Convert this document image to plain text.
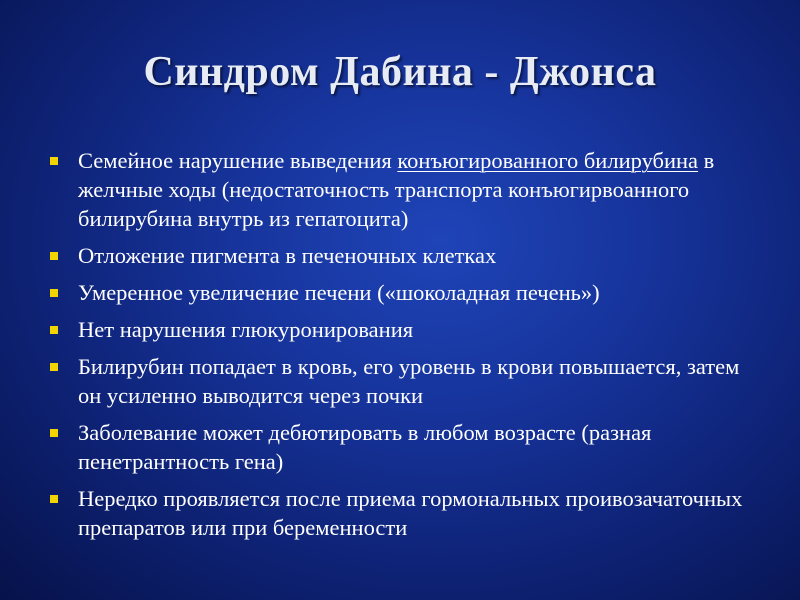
Синдром Дабина - Джонса
Семейное нарушение выведения конъюгированного билирубина в желчные ходы (недостаточность транспорта конъюгирвоанного билирубина внутрь из гепатоцита)
Отложение пигмента в печеночных клетках
Умеренное увеличение печени («шоколадная печень»)
Нет нарушения глюкуронирования
Билирубин попадает в кровь, его уровень в крови повышается, затем он усиленно выводится через почки
Заболевание может дебютировать в любом возрасте (разная пенетрантность гена)
Нередко проявляется после приема гормональных проивозачаточных препаратов или при беременности
